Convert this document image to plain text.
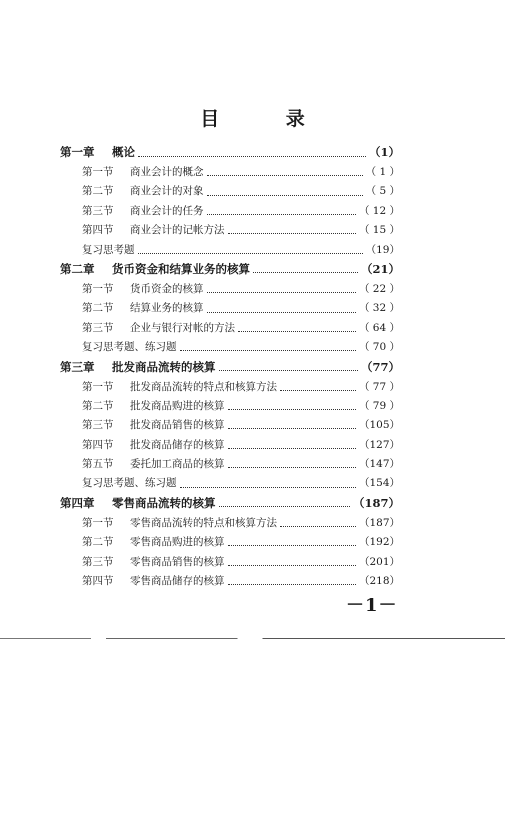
目 录
第一章	概论	（1）
第一节	商业会计的概念	（ 1 ）
第二节	商业会计的对象	（ 5 ）
第三节	商业会计的任务	（ 12 ）
第四节	商业会计的记帐方法	（ 15 ）
复习思考题	（19）
第二章	货币资金和结算业务的核算	（21）
第一节	货币资金的核算	（ 22 ）
第二节	结算业务的核算	（ 32 ）
第三节	企业与银行对帐的方法	（ 64 ）
复习思考题、练习题	（ 70 ）
第三章	批发商品流转的核算	（77）
第一节	批发商品流转的特点和核算方法	（ 77 ）
第二节	批发商品购进的核算	（ 79 ）
第三节	批发商品销售的核算	（105）
第四节	批发商品储存的核算	（127）
第五节	委托加工商品的核算	（147）
复习思考题、练习题	（154）
第四章	零售商品流转的核算	（187）
第一节	零售商品流转的特点和核算方法	（187）
第二节	零售商品购进的核算	（192）
第三节	零售商品销售的核算	（201）
第四节	零售商品储存的核算	（218）
－1－
